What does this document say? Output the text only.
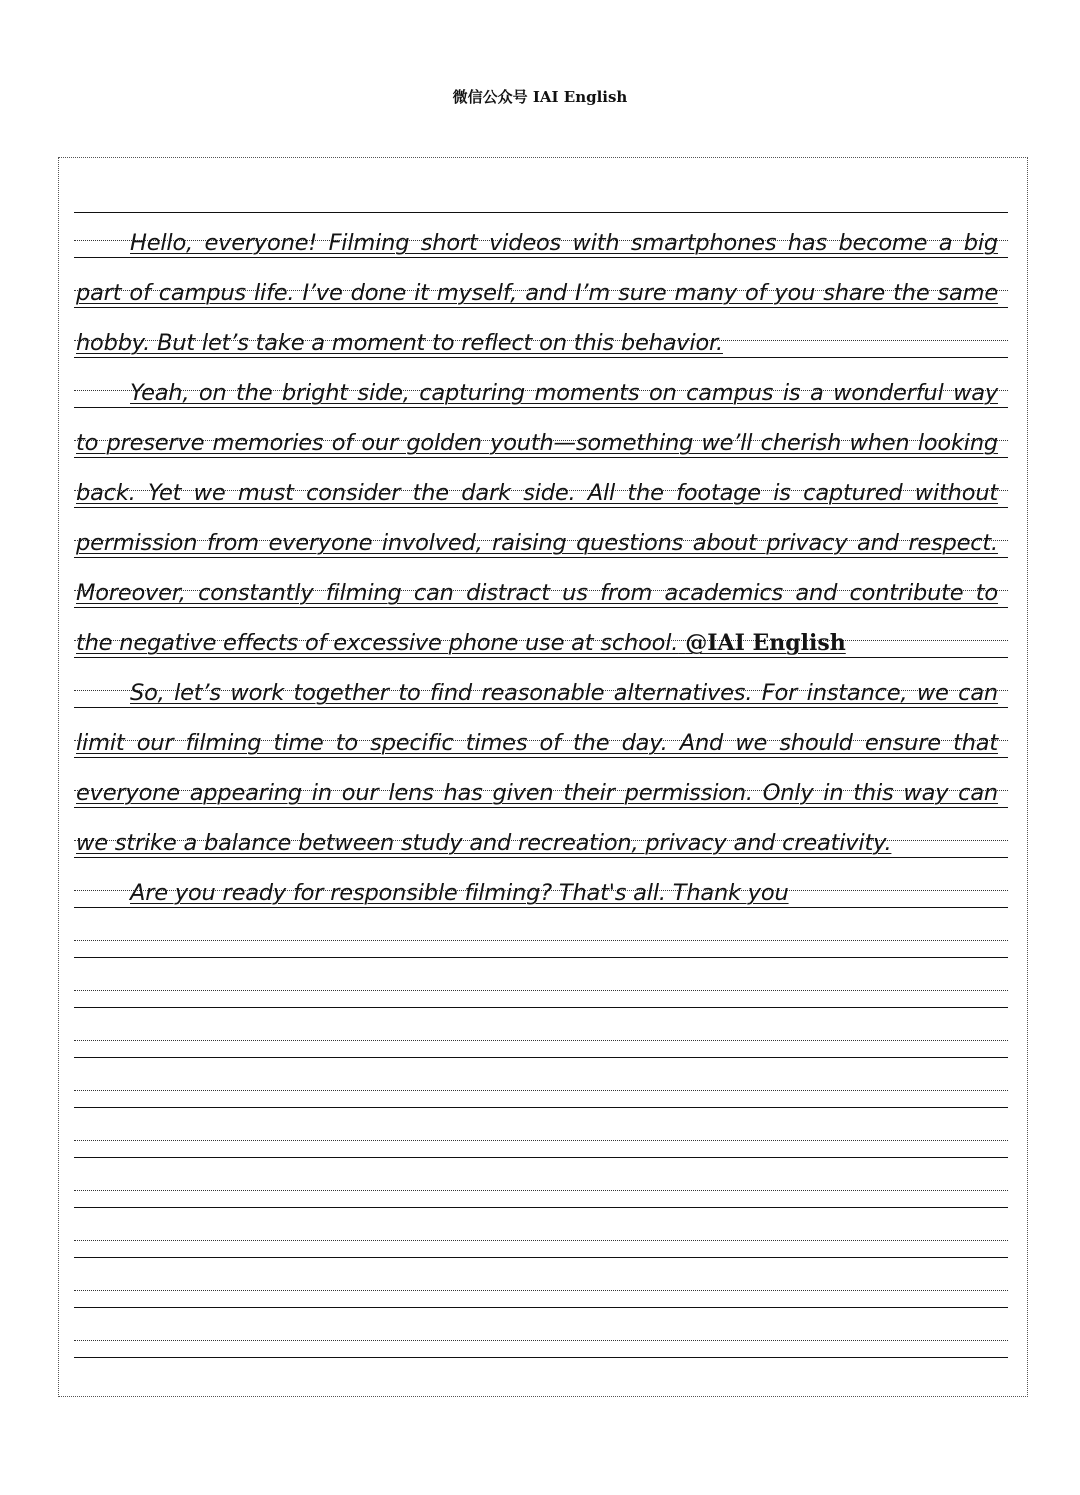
微信公众号 IAI English
Hello, everyone! Filming short videos with smartphones has become a big
part of campus life. I’ve done it myself, and I’m sure many of you share the same
hobby. But let’s take a moment to reflect on this behavior.
Yeah, on the bright side, capturing moments on campus is a wonderful way
to preserve memories of our golden youth—something we’ll cherish when looking
back. Yet we must consider the dark side. All the footage is captured without
permission from everyone involved, raising questions about privacy and respect.
Moreover, constantly filming can distract us from academics and contribute to
the negative effects of excessive phone use at school. @IAI English
So, let’s work together to find reasonable alternatives. For instance, we can
limit our filming time to specific times of the day. And we should ensure that
everyone appearing in our lens has given their permission. Only in this way can
we strike a balance between study and recreation, privacy and creativity.
Are you ready for responsible filming? That's all. Thank you
